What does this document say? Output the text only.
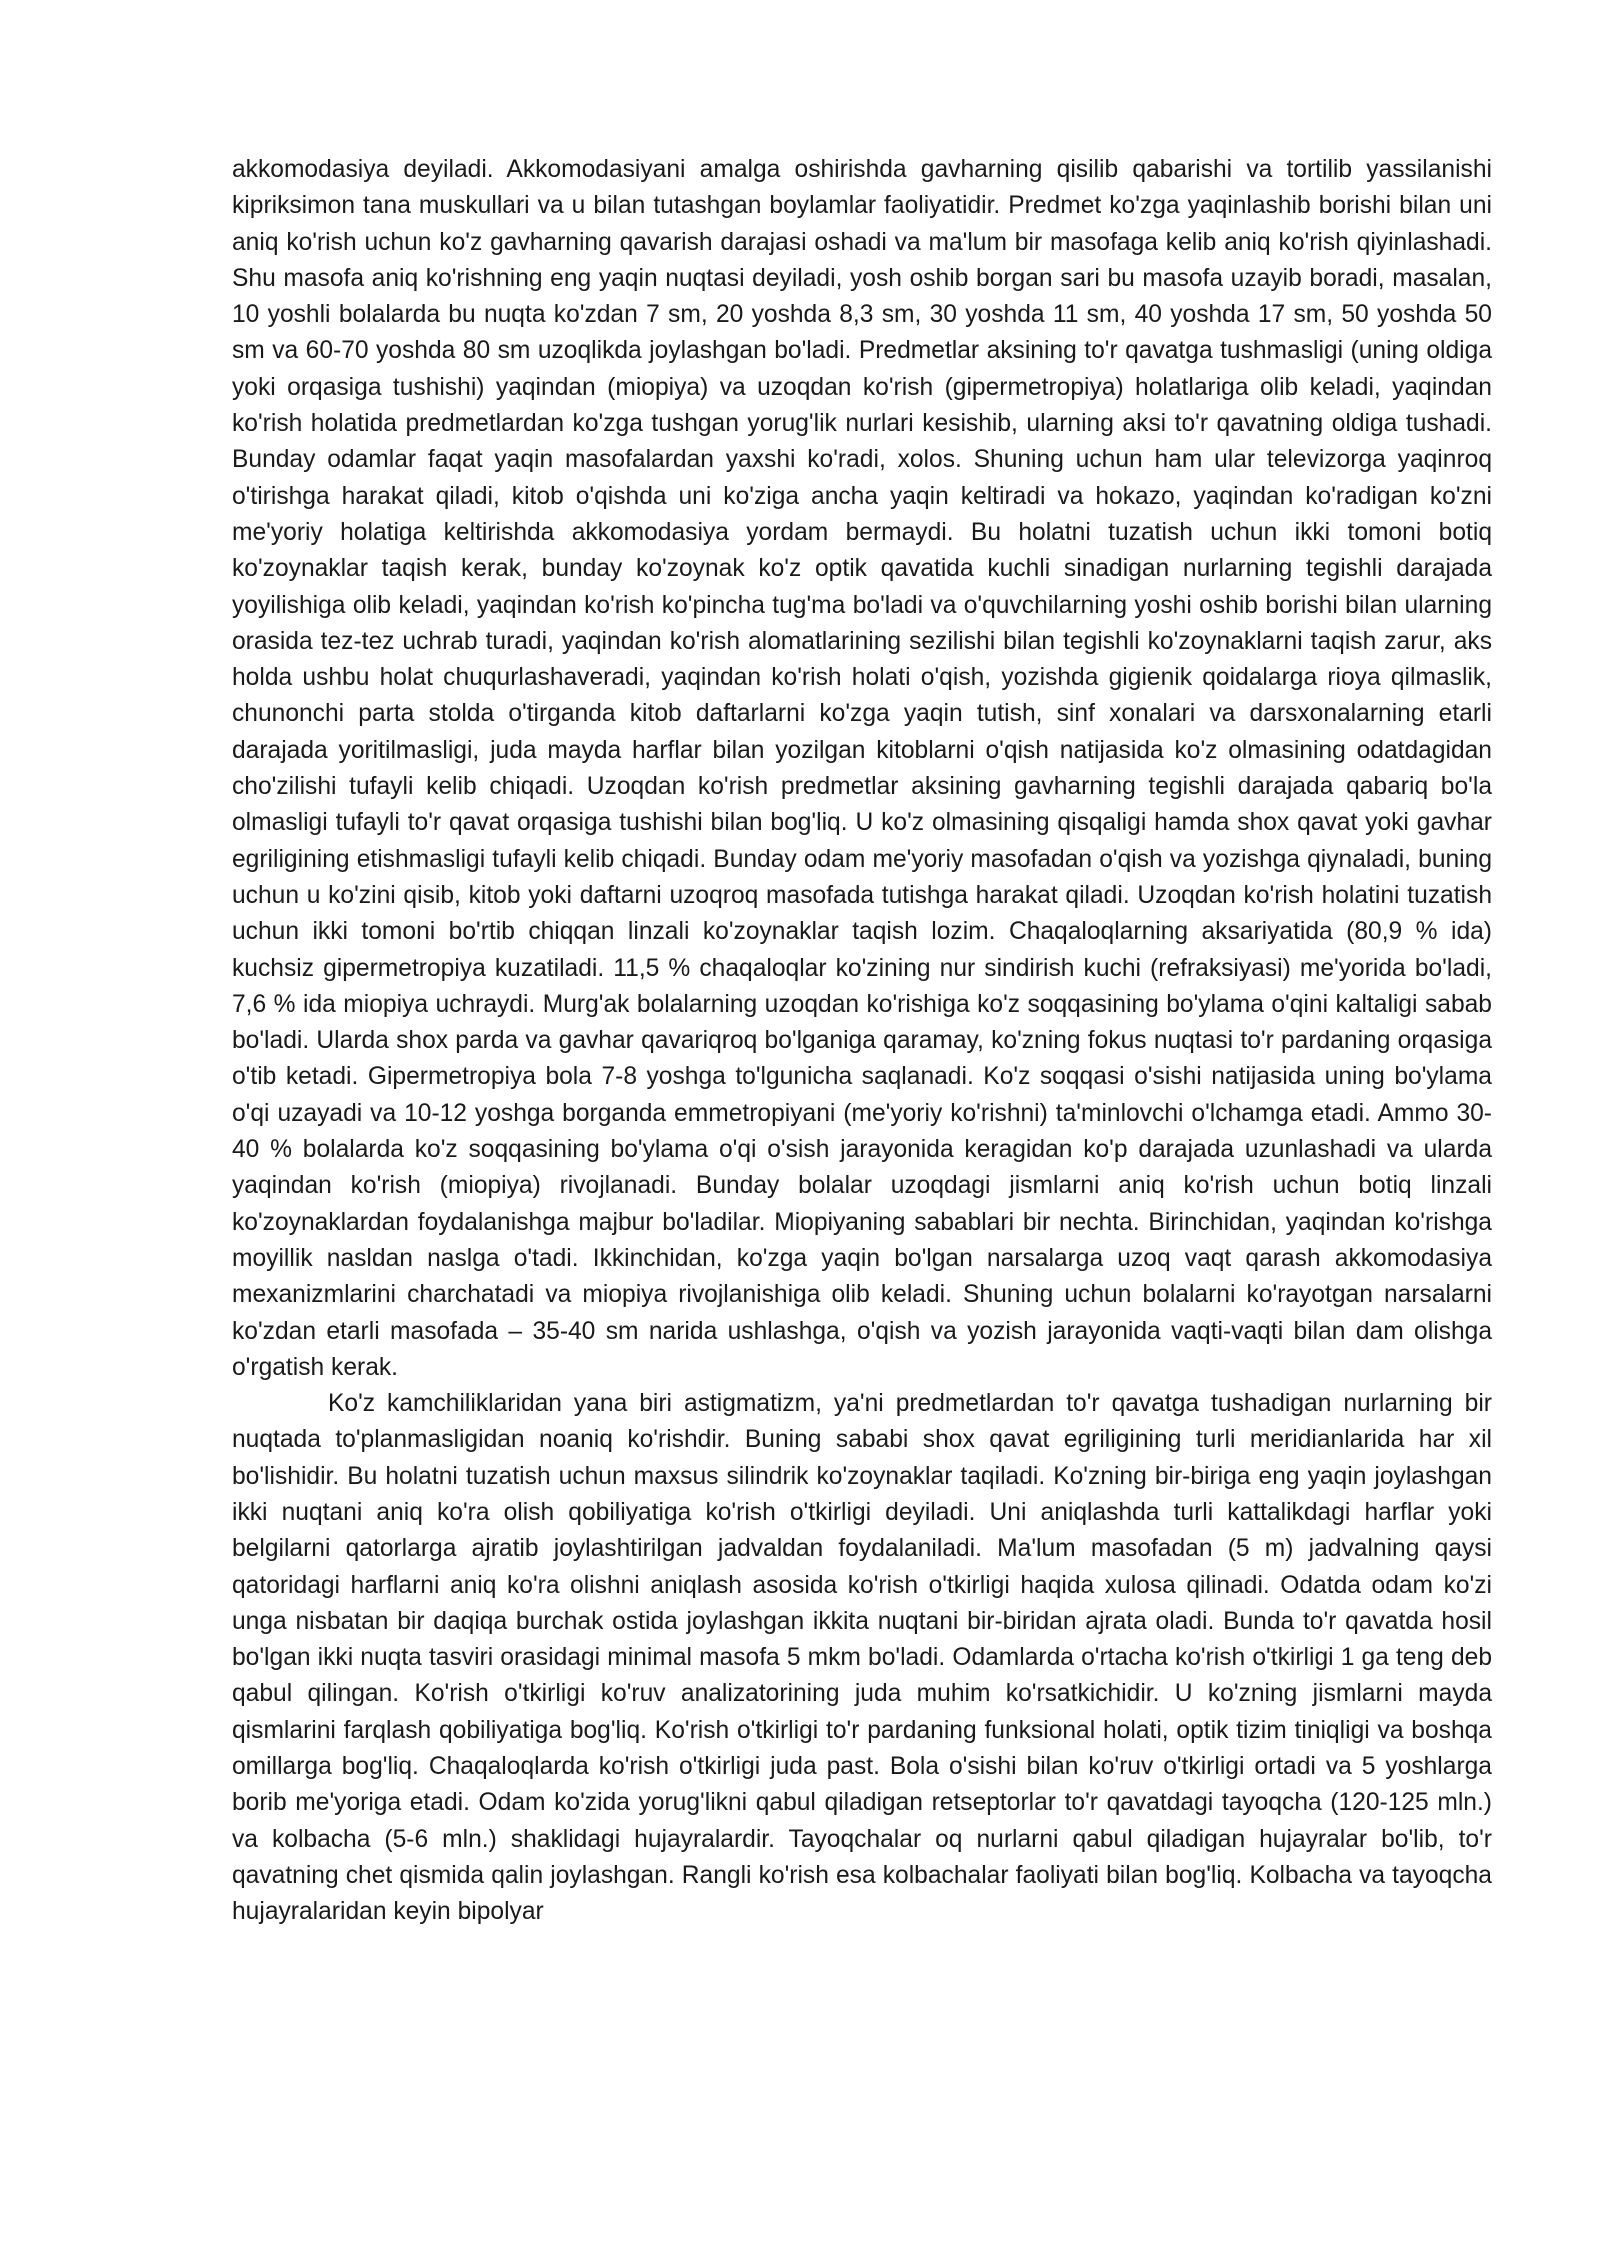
akkomodasiya deyiladi. Akkomodasiyani amalga oshirishda gavharning qisilib qabarishi va tortilib yassilanishi kipriksimon tana muskullari va u bilan tutashgan boylamlar faoliyatidir. Predmet ko'zga yaqinlashib borishi bilan uni aniq ko'rish uchun ko'z gavharning qavarish darajasi oshadi va ma'lum bir masofaga kelib aniq ko'rish qiyinlashadi. Shu masofa aniq ko'rishning eng yaqin nuqtasi deyiladi, yosh oshib borgan sari bu masofa uzayib boradi, masalan, 10 yoshli bolalarda bu nuqta ko'zdan 7 sm, 20 yoshda 8,3 sm, 30 yoshda 11 sm, 40 yoshda 17 sm, 50 yoshda 50 sm va 60-70 yoshda 80 sm uzoqlikda joylashgan bo'ladi. Predmetlar aksining to'r qavatga tushmasligi (uning oldiga yoki orqasiga tushishi) yaqindan (miopiya) va uzoqdan ko'rish (gipermetropiya) holatlariga olib keladi, yaqindan ko'rish holatida predmetlardan ko'zga tushgan yorug'lik nurlari kesishib, ularning aksi to'r qavatning oldiga tushadi. Bunday odamlar faqat yaqin masofalardan yaxshi ko'radi, xolos. Shuning uchun ham ular televizorga yaqinroq o'tirishga harakat qiladi, kitob o'qishda uni ko'ziga ancha yaqin keltiradi va hokazo, yaqindan ko'radigan ko'zni me'yoriy holatiga keltirishda akkomodasiya yordam bermaydi. Bu holatni tuzatish uchun ikki tomoni botiq ko'zoynaklar taqish kerak, bunday ko'zoynak ko'z optik qavatida kuchli sinadigan nurlarning tegishli darajada yoyilishiga olib keladi, yaqindan ko'rish ko'pincha tug'ma bo'ladi va o'quvchilarning yoshi oshib borishi bilan ularning orasida tez-tez uchrab turadi, yaqindan ko'rish alomatlarining sezilishi bilan tegishli ko'zoynaklarni taqish zarur, aks holda ushbu holat chuqurlashaveradi, yaqindan ko'rish holati o'qish, yozishda gigienik qoidalarga rioya qilmaslik, chunonchi parta stolda o'tirganda kitob daftarlarni ko'zga yaqin tutish, sinf xonalari va darsxonalarning etarli darajada yoritilmasligi, juda mayda harflar bilan yozilgan kitoblarni o'qish natijasida ko'z olmasining odatdagidan cho'zilishi tufayli kelib chiqadi. Uzoqdan ko'rish predmetlar aksining gavharning tegishli darajada qabariq bo'la olmasligi tufayli to'r qavat orqasiga tushishi bilan bog'liq. U ko'z olmasining qisqaligi hamda shox qavat yoki gavhar egriligining etishmasligi tufayli kelib chiqadi. Bunday odam me'yoriy masofadan o'qish va yozishga qiynaladi, buning uchun u ko'zini qisib, kitob yoki daftarni uzoqroq masofada tutishga harakat qiladi. Uzoqdan ko'rish holatini tuzatish uchun ikki tomoni bo'rtib chiqqan linzali ko'zoynaklar taqish lozim. Chaqaloqlarning aksariyatida (80,9 % ida) kuchsiz gipermetropiya kuzatiladi. 11,5 % chaqaloqlar ko'zining nur sindirish kuchi (refraksiyasi) me'yorida bo'ladi, 7,6 % ida miopiya uchraydi. Murg'ak bolalarning uzoqdan ko'rishiga ko'z soqqasining bo'ylama o'qini kaltaligi sabab bo'ladi. Ularda shox parda va gavhar qavariqroq bo'lganiga qaramay, ko'zning fokus nuqtasi to'r pardaning orqasiga o'tib ketadi. Gipermetropiya bola 7-8 yoshga to'lgunicha saqlanadi. Ko'z soqqasi o'sishi natijasida uning bo'ylama o'qi uzayadi va 10-12 yoshga borganda emmetropiyani (me'yoriy ko'rishni) ta'minlovchi o'lchamga etadi. Ammo 30-40 % bolalarda ko'z soqqasining bo'ylama o'qi o'sish jarayonida keragidan ko'p darajada uzunlashadi va ularda yaqindan ko'rish (miopiya) rivojlanadi. Bunday bolalar uzoqdagi jismlarni aniq ko'rish uchun botiq linzali ko'zoynaklardan foydalanishga majbur bo'ladilar. Miopiyaning sabablari bir nechta. Birinchidan, yaqindan ko'rishga moyillik nasldan naslga o'tadi. Ikkinchidan, ko'zga yaqin bo'lgan narsalarga uzoq vaqt qarash akkomodasiya mexanizmlarini charchatadi va miopiya rivojlanishiga olib keladi. Shuning uchun bolalarni ko'rayotgan narsalarni ko'zdan etarli masofada – 35-40 sm narida ushlashga, o'qish va yozish jarayonida vaqti-vaqti bilan dam olishga o'rgatish kerak.

Ko'z kamchiliklaridan yana biri astigmatizm, ya'ni predmetlardan to'r qavatga tushadigan nurlarning bir nuqtada to'planmasligidan noaniq ko'rishdir. Buning sababi shox qavat egriligining turli meridianlarida har xil bo'lishidir. Bu holatni tuzatish uchun maxsus silindrik ko'zoynaklar taqiladi. Ko'zning bir-biriga eng yaqin joylashgan ikki nuqtani aniq ko'ra olish qobiliyatiga ko'rish o'tkirligi deyiladi. Uni aniqlashda turli kattalikdagi harflar yoki belgilarni qatorlarga ajratib joylashtirilgan jadvaldan foydalaniladi. Ma'lum masofadan (5 m) jadvalning qaysi qatoridagi harflarni aniq ko'ra olishni aniqlash asosida ko'rish o'tkirligi haqida xulosa qilinadi. Odatda odam ko'zi unga nisbatan bir daqiqa burchak ostida joylashgan ikkita nuqtani bir-biridan ajrata oladi. Bunda to'r qavatda hosil bo'lgan ikki nuqta tasviri orasidagi minimal masofa 5 mkm bo'ladi. Odamlarda o'rtacha ko'rish o'tkirligi 1 ga teng deb qabul qilingan. Ko'rish o'tkirligi ko'ruv analizatorining juda muhim ko'rsatkichidir. U ko'zning jismlarni mayda qismlarini farqlash qobiliyatiga bog'liq. Ko'rish o'tkirligi to'r pardaning funksional holati, optik tizim tiniqligi va boshqa omillarga bog'liq. Chaqaloqlarda ko'rish o'tkirligi juda past. Bola o'sishi bilan ko'ruv o'tkirligi ortadi va 5 yoshlarga borib me'yoriga etadi. Odam ko'zida yorug'likni qabul qiladigan retseptorlar to'r qavatdagi tayoqcha (120-125 mln.) va kolbacha (5-6 mln.) shaklidagi hujayralardir. Tayoqchalar oq nurlarni qabul qiladigan hujayralar bo'lib, to'r qavatning chet qismida qalin joylashgan. Rangli ko'rish esa kolbachalar faoliyati bilan bog'liq. Kolbacha va tayoqcha hujayralaridan keyin bipolyar
